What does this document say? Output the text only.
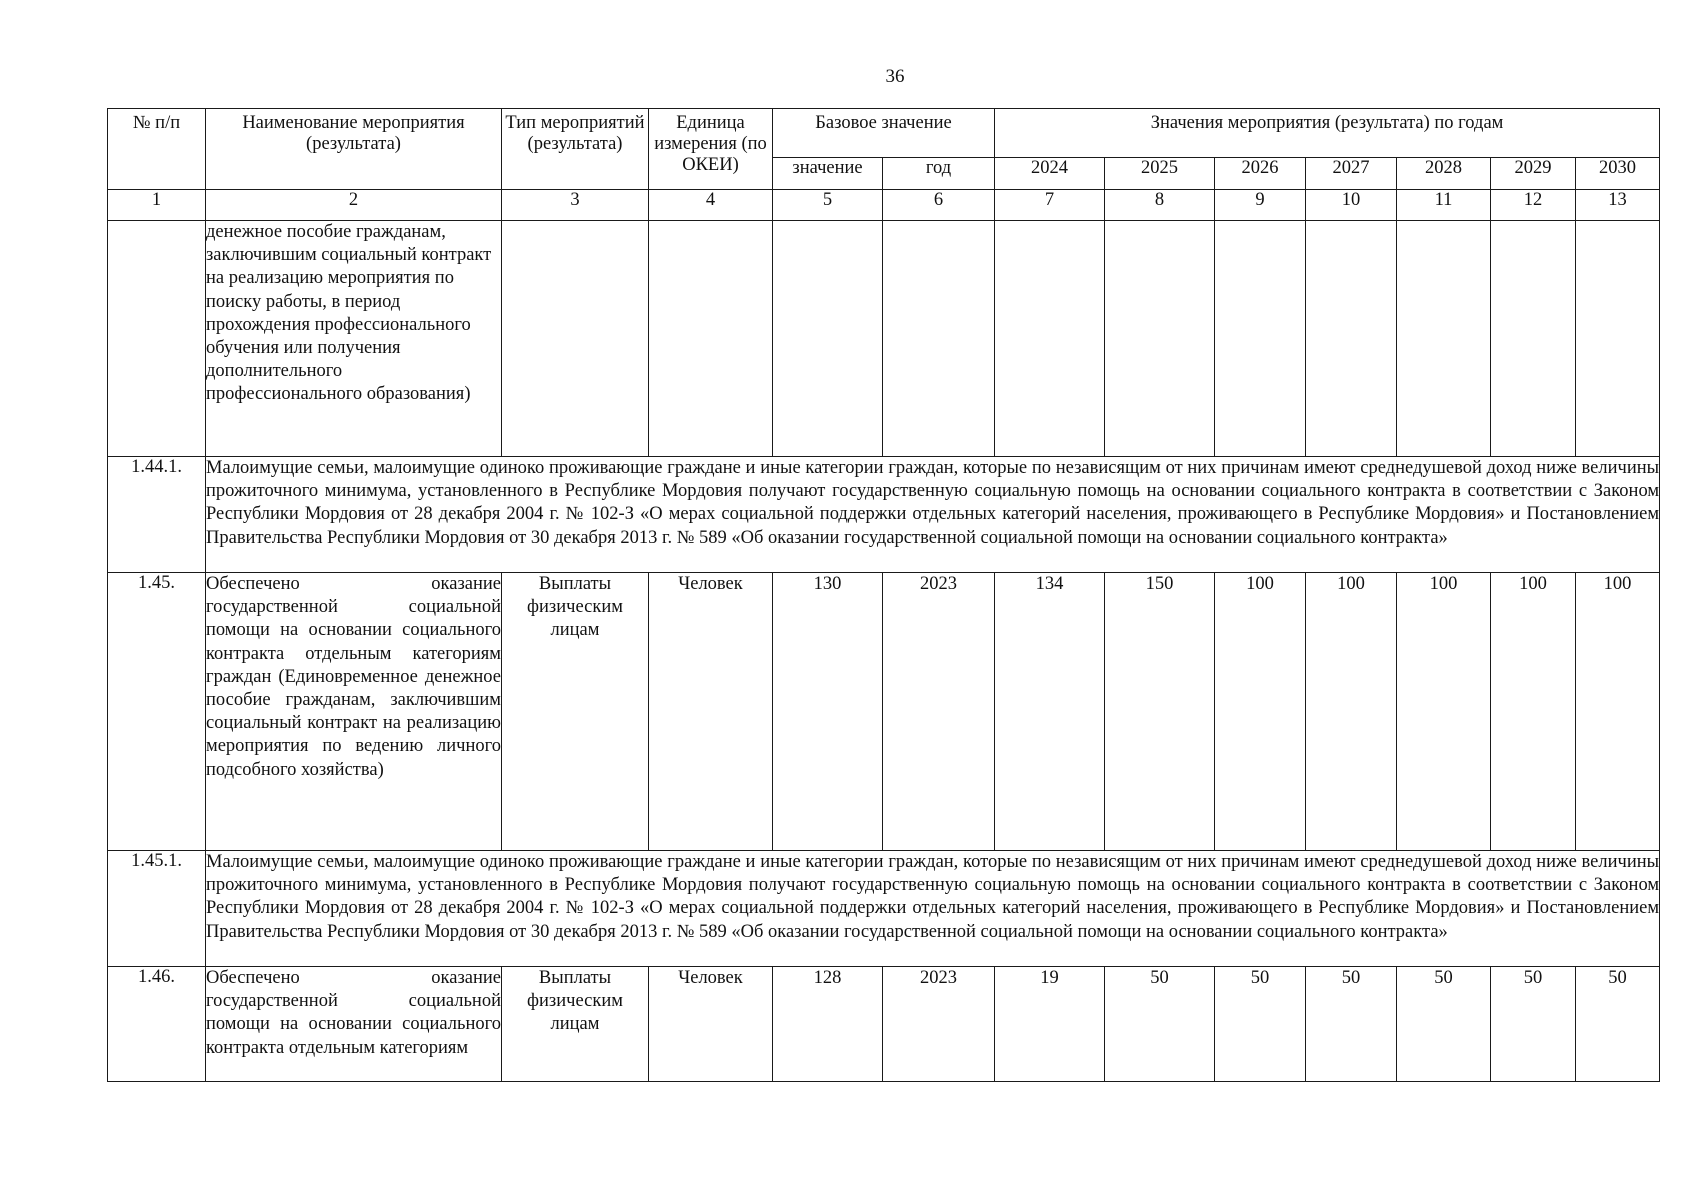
36
№ п/п	Наименование мероприятия (результата)	Тип мероприятий (результата)	Единица измерения (по ОКЕИ)	Базовое значение		Значения мероприятия (результата) по годам						
				значение	год	2024	2025	2026	2027	2028	2029	2030
1	2	3	4	5	6	7	8	9	10	11	12	13
	денежное пособие гражданам, заключившим социальный контракт на реализацию мероприятия по поиску работы, в период прохождения профессионального обучения или получения дополнительного профессионального образования)											
1.44.1.	Малоимущие семьи, малоимущие одиноко проживающие граждане и иные категории граждан, которые по независящим от них причинам имеют среднедушевой доход ниже величины прожиточного минимума, установленного в Республике Мордовия получают государственную социальную помощь на основании социального контракта в соответствии с Законом Республики Мордовия от 28 декабря 2004 г. № 102-З «О мерах социальной поддержки отдельных категорий населения, проживающего в Республике Мордовия» и Постановлением Правительства Республики Мордовия от 30 декабря 2013 г. № 589 «Об оказании государственной социальной помощи на основании социального контракта»											
1.45.	Обеспечено оказание государственной социальной помощи на основании социального контракта отдельным категориям граждан (Единовременное денежное пособие гражданам, заключившим социальный контракт на реализацию мероприятия по ведению личного подсобного хозяйства)	Выплаты физическим лицам	Человек	130	2023	134	150	100	100	100	100	100
1.45.1.	Малоимущие семьи, малоимущие одиноко проживающие граждане и иные категории граждан, которые по независящим от них причинам имеют среднедушевой доход ниже величины прожиточного минимума, установленного в Республике Мордовия получают государственную социальную помощь на основании социального контракта в соответствии с Законом Республики Мордовия от 28 декабря 2004 г. № 102-З «О мерах социальной поддержки отдельных категорий населения, проживающего в Республике Мордовия» и Постановлением Правительства Республики Мордовия от 30 декабря 2013 г. № 589 «Об оказании государственной социальной помощи на основании социального контракта»											
1.46.	Обеспечено оказание государственной социальной помощи на основании социального контракта отдельным категориям	Выплаты физическим лицам	Человек	128	2023	19	50	50	50	50	50	50
